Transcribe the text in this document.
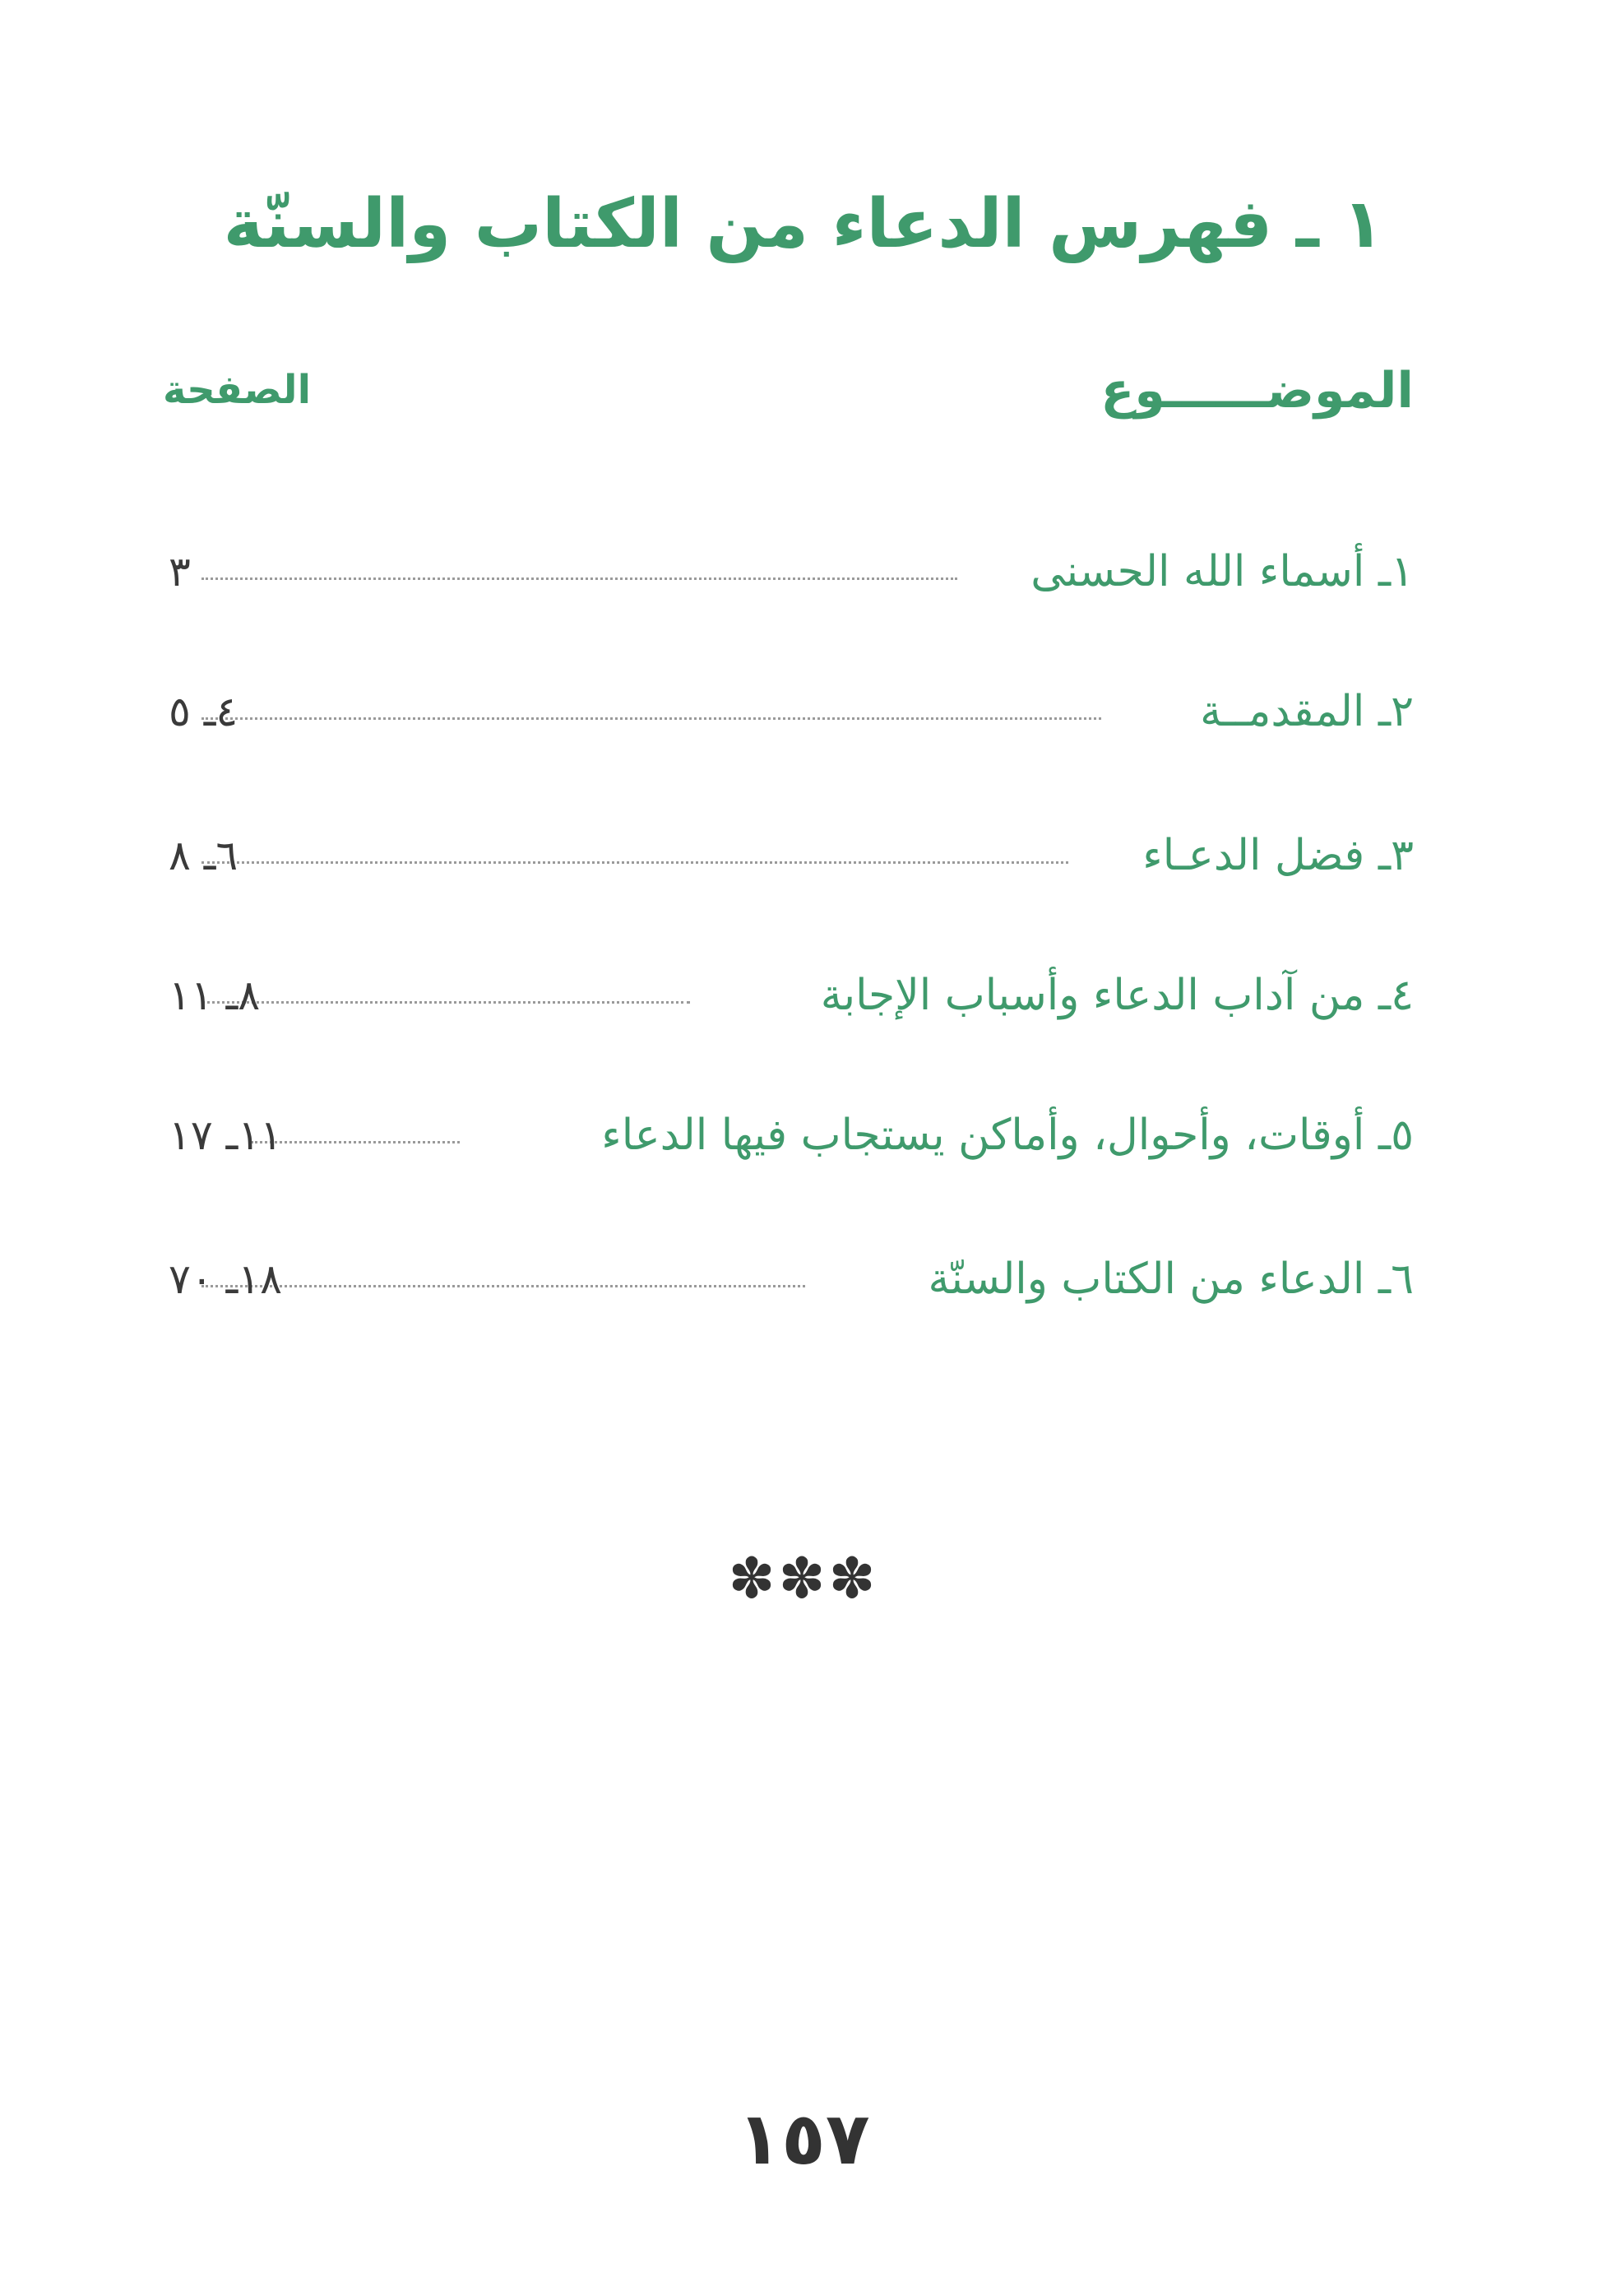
١ ـ فهرس الدعاء من الكتاب والسنّة
الموضــــــوع
الصفحة
١ـ أسماء الله الحسنى
٣
٢ـ المقدمــة
٤ـ ٥
٣ـ فضل الدعـاء
٦ـ ٨
٤ـ من آداب الدعاء وأسباب الإجابة
٨ـ ١١
٥ـ أوقات، وأحوال، وأماكن يستجاب فيها الدعاء
١١ـ ١٧
٦ـ الدعاء من الكتاب والسنّة
١٨ـ ٧٠
✽✽✽
١٥٧
